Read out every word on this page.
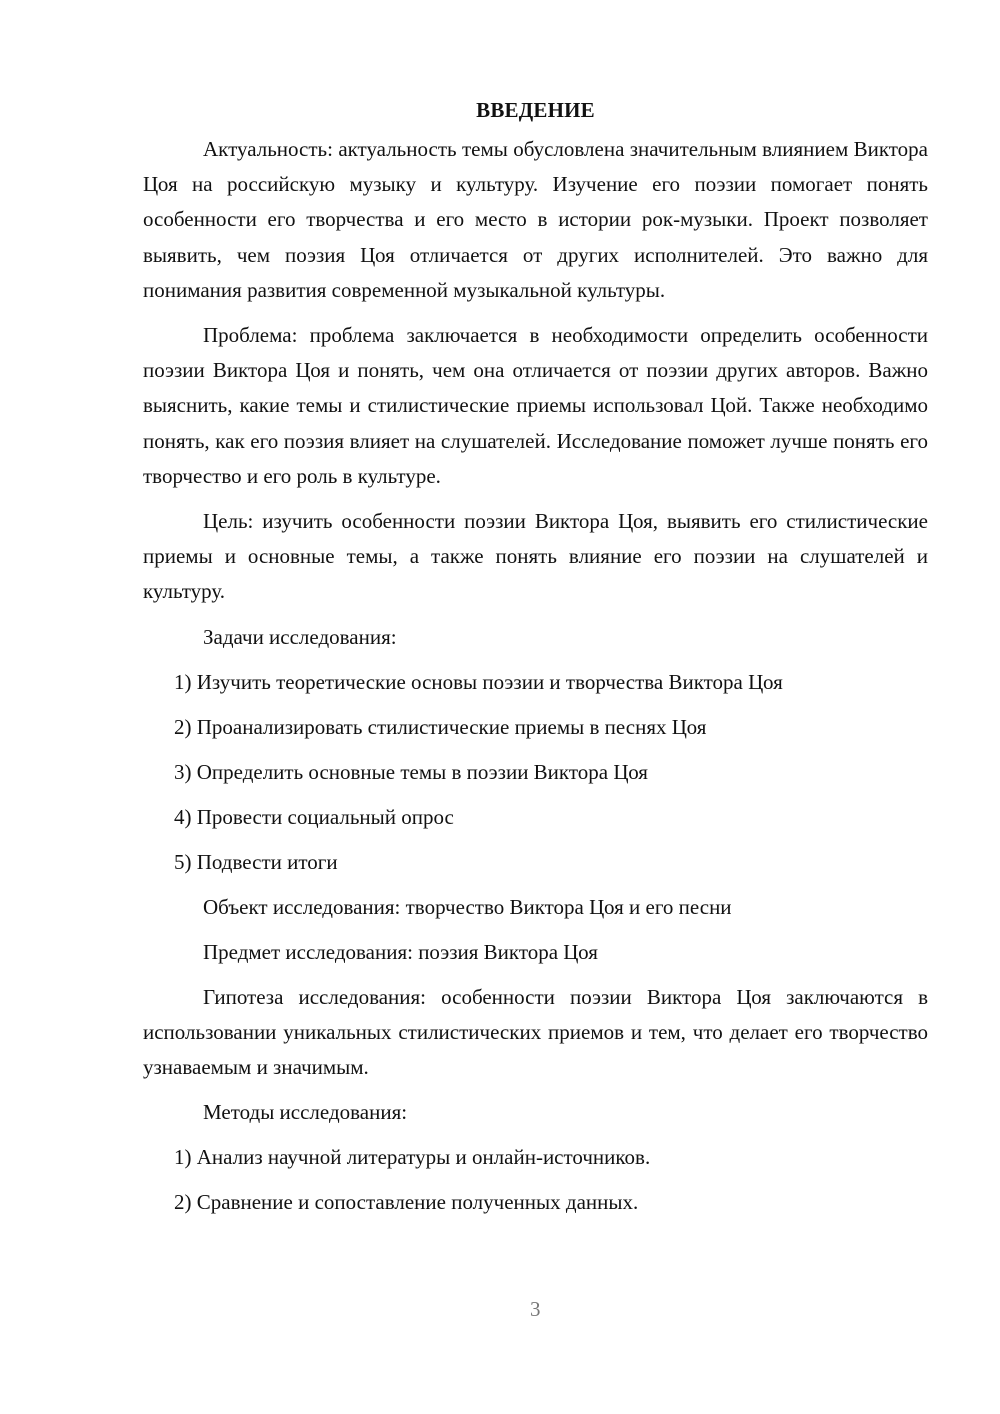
ВВЕДЕНИЕ

Актуальность: актуальность темы обусловлена значительным влиянием Виктора Цоя на российскую музыку и культуру. Изучение его поэзии помогает понять особенности его творчества и его место в истории рок-музыки. Проект позволяет выявить, чем поэзия Цоя отличается от других исполнителей. Это важно для понимания развития современной музыкальной культуры.

Проблема: проблема заключается в необходимости определить особенности поэзии Виктора Цоя и понять, чем она отличается от поэзии других авторов. Важно выяснить, какие темы и стилистические приемы использовал Цой. Также необходимо понять, как его поэзия влияет на слушателей. Исследование поможет лучше понять его творчество и его роль в культуре.

Цель: изучить особенности поэзии Виктора Цоя, выявить его стилистические приемы и основные темы, а также понять влияние его поэзии на слушателей и культуру.

Задачи исследования:
1) Изучить теоретические основы поэзии и творчества Виктора Цоя
2) Проанализировать стилистические приемы в песнях Цоя
3) Определить основные темы в поэзии Виктора Цоя
4) Провести социальный опрос
5) Подвести итоги
Объект исследования: творчество Виктора Цоя и его песни
Предмет исследования: поэзия Виктора Цоя

Гипотеза исследования: особенности поэзии Виктора Цоя заключаются в использовании уникальных стилистических приемов и тем, что делает его творчество узнаваемым и значимым.

Методы исследования:
1) Анализ научной литературы и онлайн-источников.
2) Сравнение и сопоставление полученных данных.
3
